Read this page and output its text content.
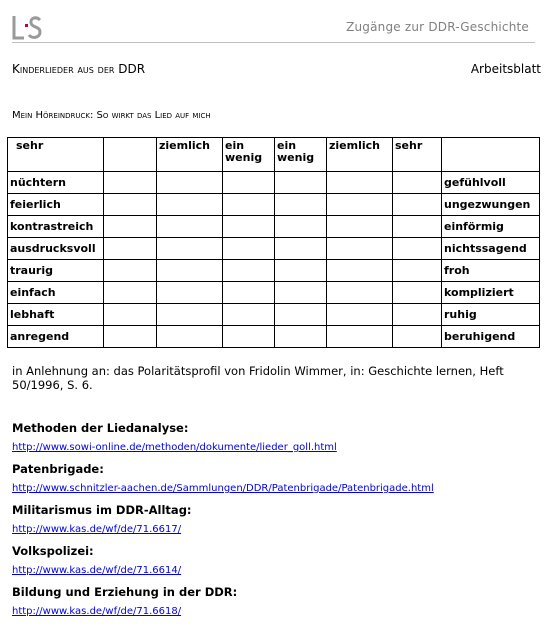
Zugänge zur DDR-Geschichte
Kinderlieder aus der DDR	Arbeitsblatt
Mein Höreindruck: So wirkt das Lied auf mich
sehr		ziemlich	ein wenig	ein wenig	ziemlich	sehr	
nüchtern							gefühlvoll
feierlich							ungezwungen
kontrastreich							einförmig
ausdrucksvoll							nichtssagend
traurig							froh
einfach							kompliziert
lebhaft							ruhig
anregend							beruhigend
in Anlehnung an: das Polaritätsprofil von Fridolin Wimmer, in: Geschichte lernen, Heft 50/1996, S. 6.
Methoden der Liedanalyse:
http://www.sowi-online.de/methoden/dokumente/lieder_goll.html
Patenbrigade:
http://www.schnitzler-aachen.de/Sammlungen/DDR/Patenbrigade/Patenbrigade.html
Militarismus im DDR-Alltag:
http://www.kas.de/wf/de/71.6617/
Volkspolizei:
http://www.kas.de/wf/de/71.6614/
Bildung und Erziehung in der DDR:
http://www.kas.de/wf/de/71.6618/
